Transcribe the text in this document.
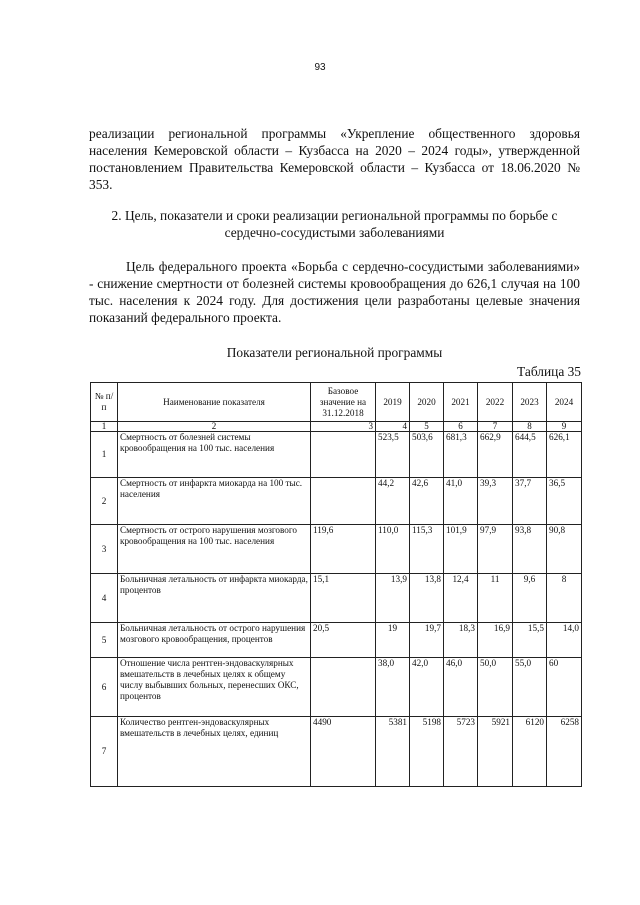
93

реализации региональной программы «Укрепление общественного здоровья населения Кемеровской области – Кузбасса на 2020 – 2024 годы», утвержденной постановлением Правительства Кемеровской области – Кузбасса от 18.06.2020 № 353.

2. Цель, показатели и сроки реализации региональной программы по борьбе с сердечно-сосудистыми заболеваниями

Цель федерального проекта «Борьба с сердечно-сосудистыми заболеваниями» - снижение смертности от болезней системы кровообращения до 626,1 случая на 100 тыс. населения к 2024 году. Для достижения цели разработаны целевые значения показаний федерального проекта.

Показатели региональной программы

Таблица 35

№ п/п	Наименование показателя	Базовое значение на 31.12.2018	2019	2020	2021	2022	2023	2024
1	2	3	4	5	6	7	8	9
1	Смертность от болезней системы кровообращения на 100 тыс. населения		523,5	503,6	681,3	662,9	644,5	626,1
2	Смертность от инфаркта миокарда на 100 тыс. населения		44,2	42,6	41,0	39,3	37,7	36,5
3	Смертность от острого нарушения мозгового кровообращения на 100 тыс. населения	119,6	110,0	115,3	101,9	97,9	93,8	90,8
4	Больничная летальность от инфаркта миокарда, процентов	15,1	13,9	13,8	12,4	11	9,6	8
5	Больничная летальность от острого нарушения мозгового кровообращения, процентов	20,5	19	19,7	18,3	16,9	15,5	14,0
6	Отношение числа рентген-эндоваскулярных вмешательств в лечебных целях к общему числу выбывших больных, перенесших ОКС, процентов		38,0	42,0	46,0	50,0	55,0	60
7	Количество рентген-эндоваскулярных вмешательств в лечебных целях, единиц	4490	5381	5198	5723	5921	6120	6258
